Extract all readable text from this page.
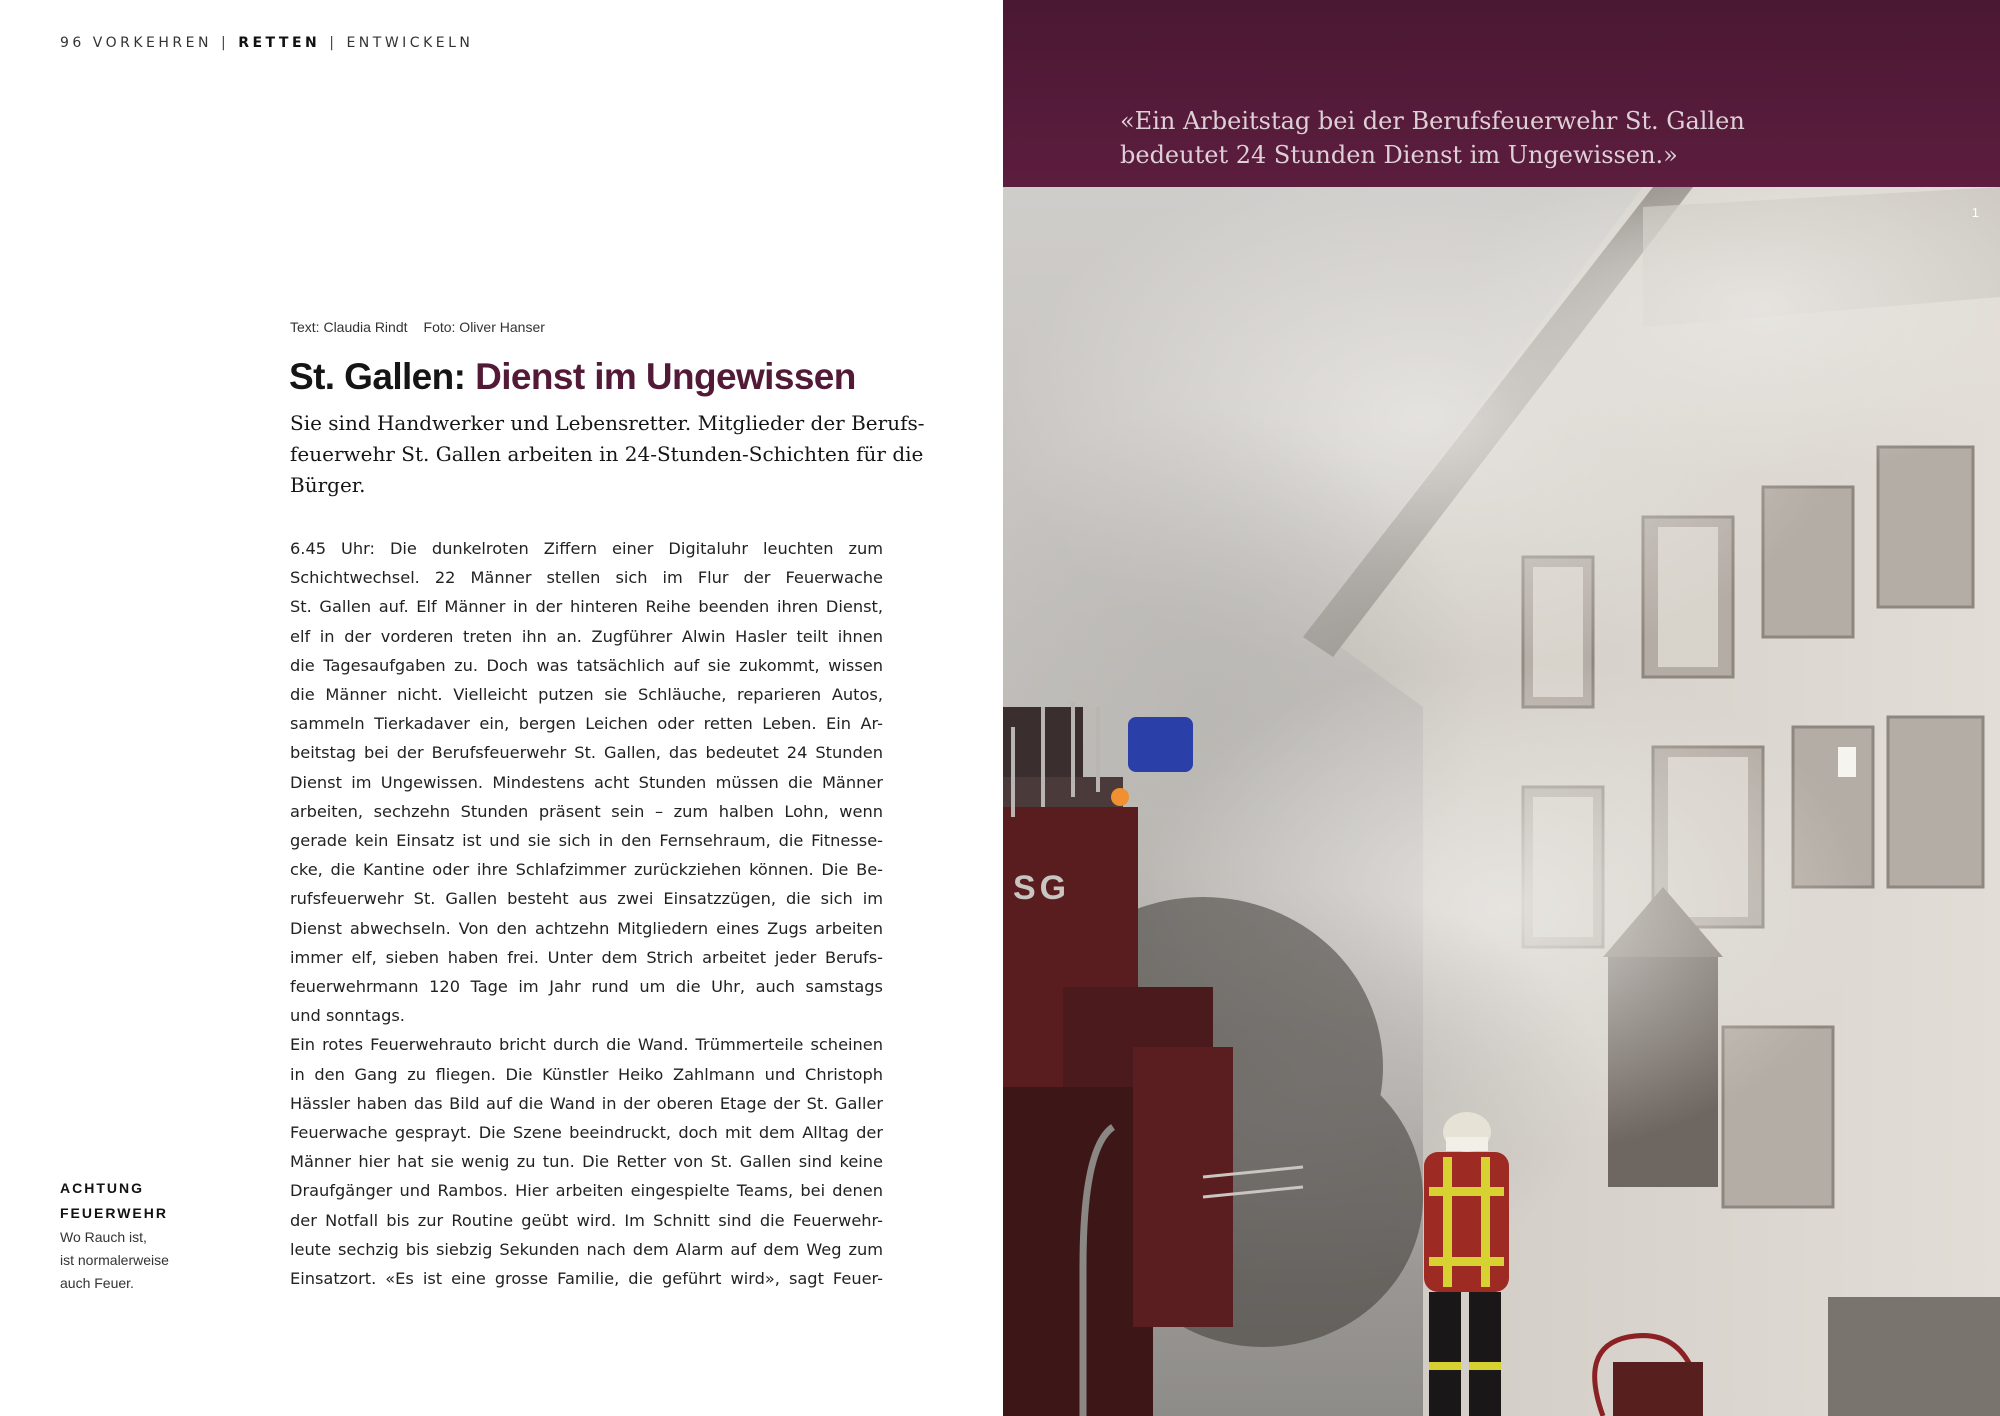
96 VORKEHREN | RETTEN | ENTWICKELN
Text: Claudia Rindt Foto: Oliver Hanser
St. Gallen: Dienst im Ungewissen

Sie sind Handwerker und Lebensretter. Mitglieder der Berufs-
feuerwehr St. Gallen arbeiten in 24-Stunden-Schichten für die
Bürger.

6.45 Uhr: Die dunkelroten Ziffern einer Digitaluhr leuchten zum
Schichtwechsel. 22 Männer stellen sich im Flur der Feuerwache
St. Gallen auf. Elf Männer in der hinteren Reihe beenden ihren Dienst,
elf in der vorderen treten ihn an. Zugführer Alwin Hasler teilt ihnen
die Tagesaufgaben zu. Doch was tatsächlich auf sie zukommt, wissen
die Männer nicht. Vielleicht putzen sie Schläuche, reparieren Autos,
sammeln Tierkadaver ein, bergen Leichen oder retten Leben. Ein Ar-
beitstag bei der Berufsfeuerwehr St. Gallen, das bedeutet 24 Stunden
Dienst im Ungewissen. Mindestens acht Stunden müssen die Männer
arbeiten, sechzehn Stunden präsent sein – zum halben Lohn, wenn
gerade kein Einsatz ist und sie sich in den Fernsehraum, die Fitnesse-
cke, die Kantine oder ihre Schlafzimmer zurückziehen können. Die Be-
rufsfeuerwehr St. Gallen besteht aus zwei Einsatzzügen, die sich im
Dienst abwechseln. Von den achtzehn Mitgliedern eines Zugs arbeiten
immer elf, sieben haben frei. Unter dem Strich arbeitet jeder Berufs-
feuerwehrmann 120 Tage im Jahr rund um die Uhr, auch samstags
und sonntags.
Ein rotes Feuerwehrauto bricht durch die Wand. Trümmerteile scheinen
in den Gang zu fliegen. Die Künstler Heiko Zahlmann und Christoph
Hässler haben das Bild auf die Wand in der oberen Etage der St. Galler
Feuerwache gesprayt. Die Szene beeindruckt, doch mit dem Alltag der
Männer hier hat sie wenig zu tun. Die Retter von St. Gallen sind keine
Draufgänger und Rambos. Hier arbeiten eingespielte Teams, bei denen
der Notfall bis zur Routine geübt wird. Im Schnitt sind die Feuerwehr-
leute sechzig bis siebzig Sekunden nach dem Alarm auf dem Weg zum
Einsatzort. «Es ist eine grosse Familie, die geführt wird», sagt Feuer-
ACHTUNG
FEUERWEHR
Wo Rauch ist,
ist normalerweise
auch Feuer.
«Ein Arbeitstag bei der Berufsfeuerwehr St. Gallen
bedeutet 24 Stunden Dienst im Ungewissen.»
SG
1
